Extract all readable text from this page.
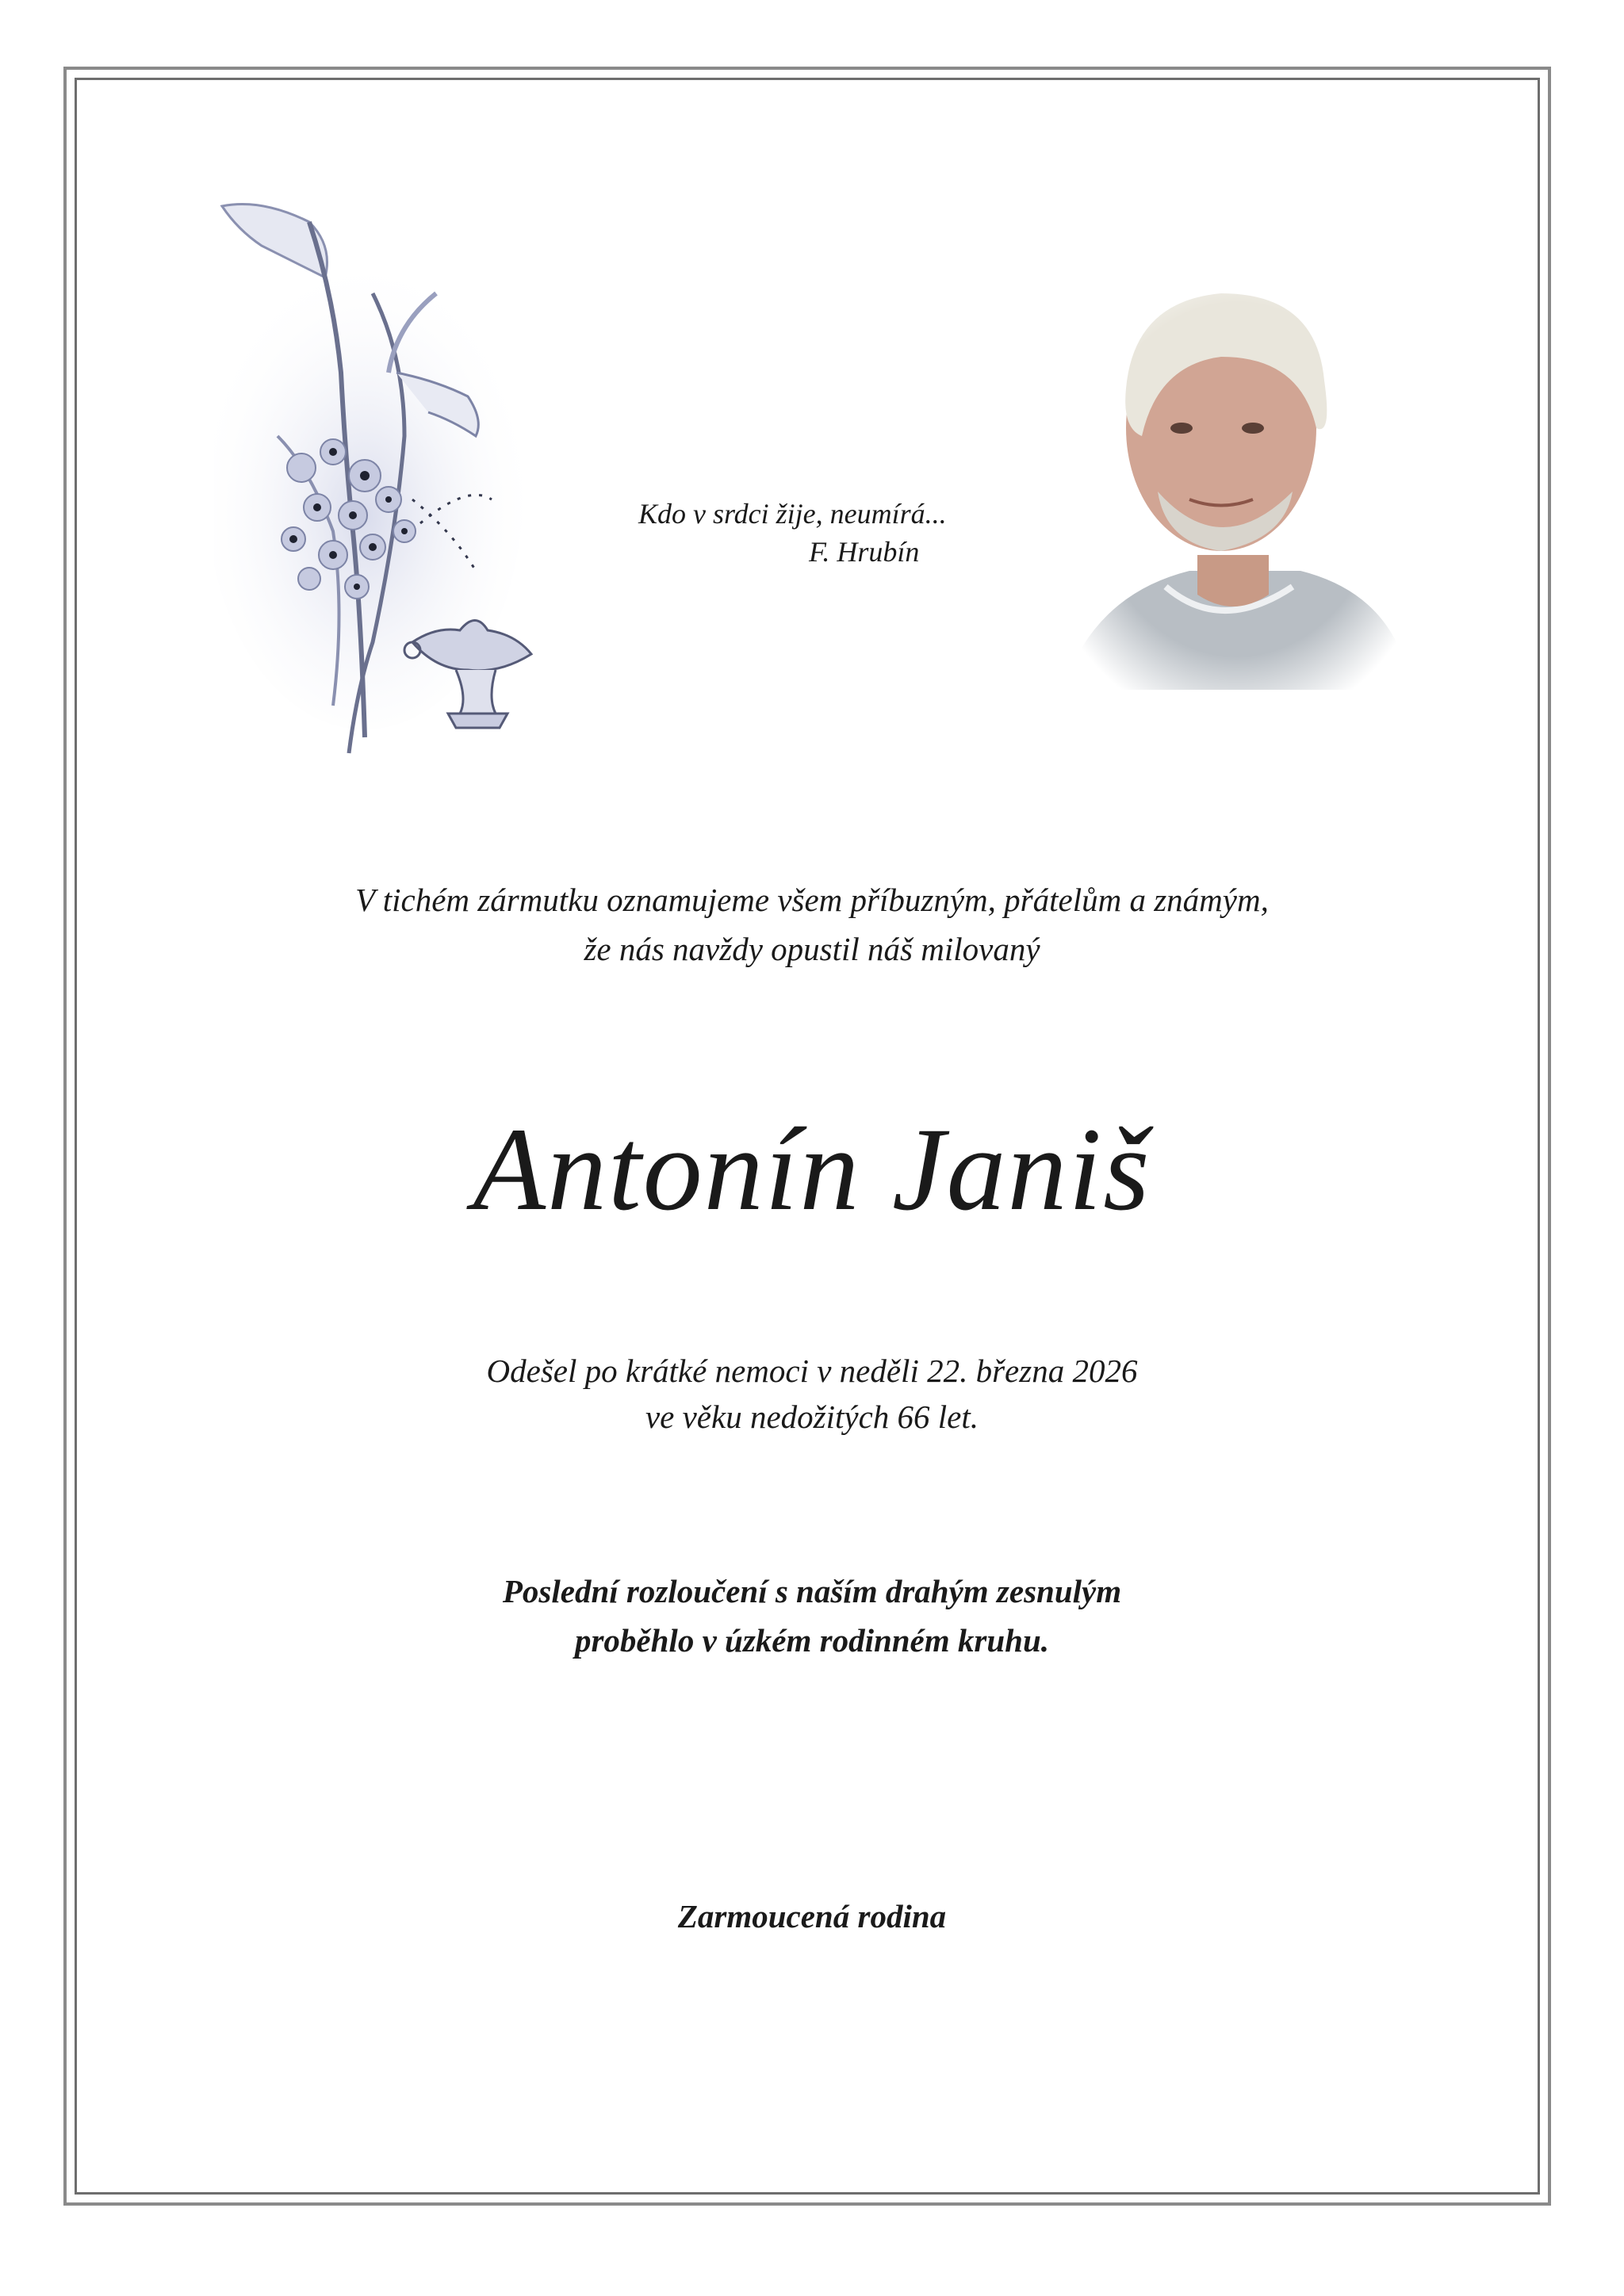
Kdo v srdci žije, neumírá...
F. Hrubín
V tichém zármutku oznamujeme všem příbuzným, přátelům a známým,
že nás navždy opustil náš milovaný
Antonín Janiš
Odešel po krátké nemoci v neděli 22. března 2026
ve věku nedožitých 66 let.
Poslední rozloučení s naším drahým zesnulým
proběhlo v úzkém rodinném kruhu.
Zarmoucená rodina
